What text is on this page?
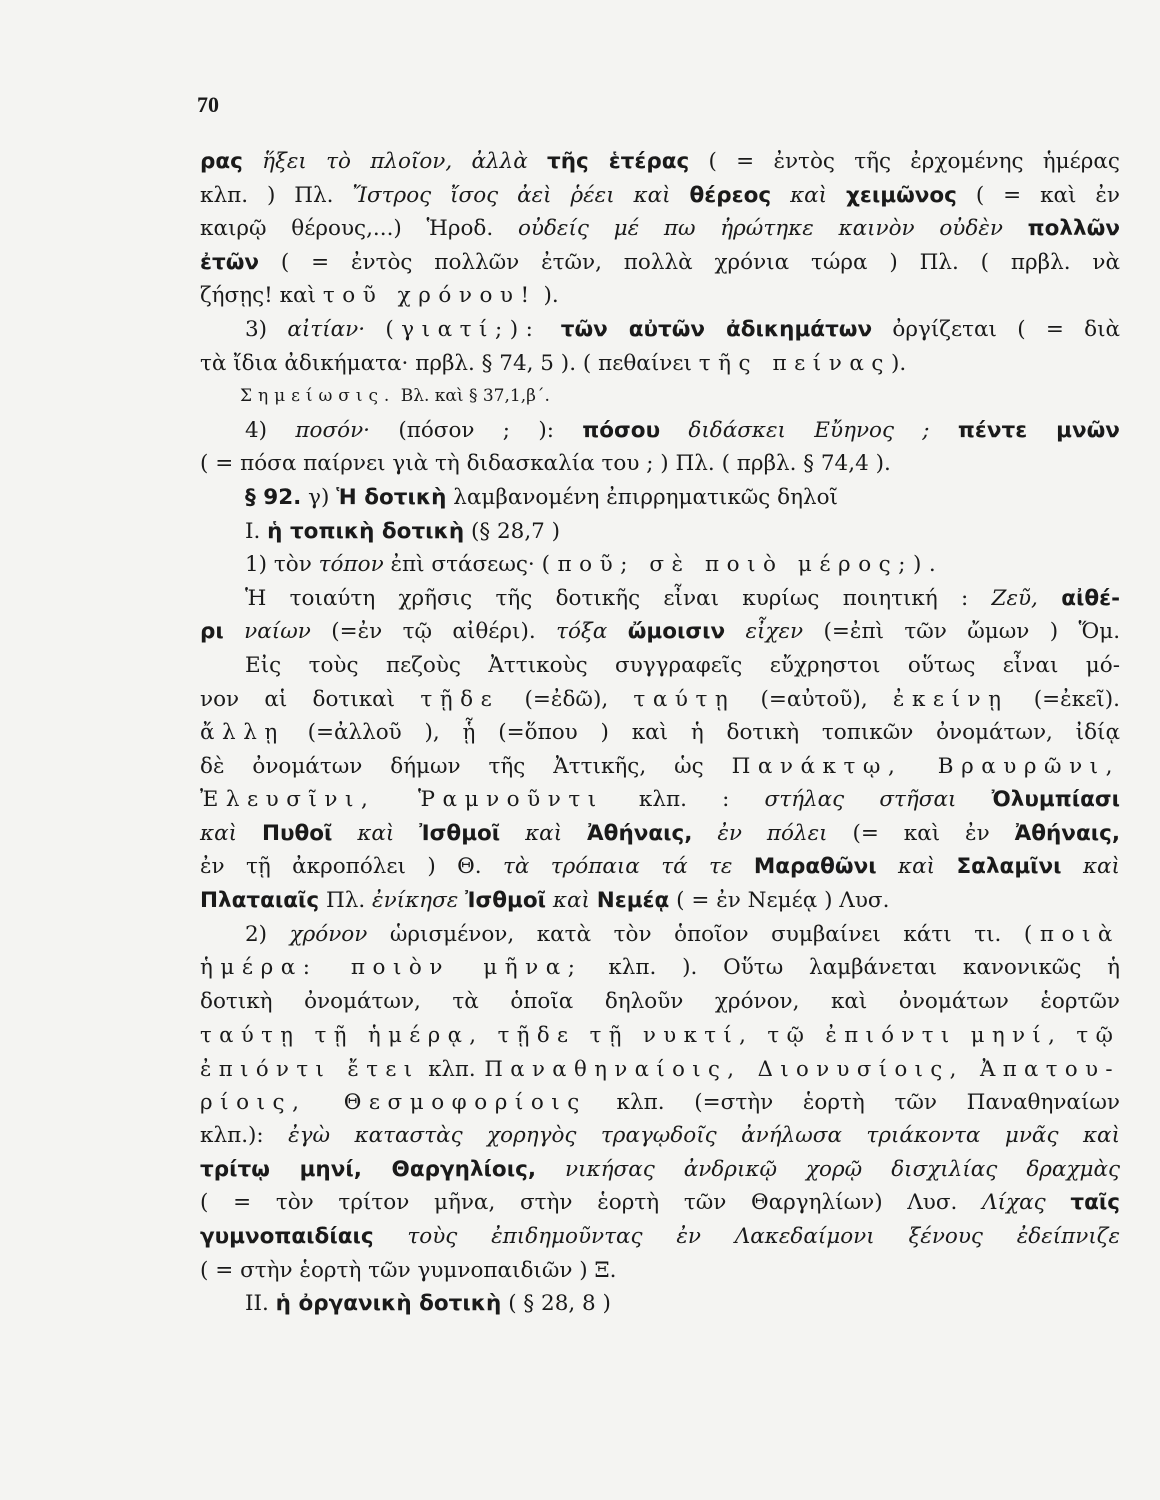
70
ρας ἥξει τὸ πλοῖον, ἀλλὰ τῆς ἑτέρας ( = ἐντὸς τῆς ἐρχομένης ἡμέρας
κλπ. ) Πλ. Ἴστρος ἴσος ἀεὶ ῥέει καὶ θέρεος καὶ χειμῶνος ( = καὶ ἐν
καιρῷ θέρους,...) Ἡροδ. οὐδείς μέ πω ἠρώτηκε καινὸν οὐδὲν πολλῶν
ἐτῶν ( = ἐντὸς πολλῶν ἐτῶν, πολλὰ χρόνια τώρα ) Πλ. ( πρβλ. νὰ
ζήσῃς! καὶ τοῦ χρόνου! ).
3) αἰτίαν· (γιατί;): τῶν αὐτῶν ἀδικημάτων ὀργίζεται ( = διὰ
τὰ ἴδια ἀδικήματα· πρβλ. § 74, 5 ). ( πεθαίνει τῆς πείνας).
Σημείωσις. Βλ. καὶ § 37,1,β΄.
4) ποσόν· (πόσον ; ): πόσου διδάσκει Εὔηνος ; πέντε μνῶν
( = πόσα παίρνει γιὰ τὴ διδασκαλία του ; ) Πλ. ( πρβλ. § 74,4 ).
§ 92. γ) Ἡ δοτικὴ λαμβανομένη ἐπιρρηματικῶς δηλοῖ
Ι. ἡ τοπικὴ δοτικὴ (§ 28,7 )
1) τὸν τόπον ἐπὶ στάσεως· (ποῦ; σὲ ποιὸ μέρος;).
Ἡ τοιαύτη χρῆσις τῆς δοτικῆς εἶναι κυρίως ποιητική : Ζεῦ, αἰθέ-
ρι ναίων (=ἐν τῷ αἰθέρι). τόξα ὤμοισιν εἶχεν (=ἐπὶ τῶν ὤμων ) Ὅμ.
Εἰς τοὺς πεζοὺς Ἀττικοὺς συγγραφεῖς εὔχρηστοι οὕτως εἶναι μό-
νον αἱ δοτικαὶ τῇδε (=ἐδῶ), ταύτῃ (=αὐτοῦ), ἐκείνῃ (=ἐκεῖ).
ἄλλῃ (=ἀλλοῦ ), ᾗ (=ὅπου ) καὶ ἡ δοτικὴ τοπικῶν ὀνομάτων, ἰδίᾳ
δὲ ὀνομάτων δήμων τῆς Ἀττικῆς, ὡς Πανάκτῳ, Βραυρῶνι,
Ἐλευσῖνι, Ῥαμνοῦντι κλπ. : στήλας στῆσαι Ὀλυμπίασι
καὶ Πυθοῖ καὶ Ἰσθμοῖ καὶ Ἀθήναις, ἐν πόλει (= καὶ ἐν Ἀθήναις,
ἐν τῇ ἀκροπόλει ) Θ. τὰ τρόπαια τά τε Μαραθῶνι καὶ Σαλαμῖνι καὶ
Πλαταιαῖς Πλ. ἐνίκησε Ἰσθμοῖ καὶ Νεμέᾳ ( = ἐν Νεμέᾳ ) Λυσ.
2) χρόνον ὡρισμένον, κατὰ τὸν ὁποῖον συμβαίνει κάτι τι. (ποιὰ
ἡμέρα: ποιὸν μῆνα; κλπ. ). Οὕτω λαμβάνεται κανονικῶς ἡ
δοτικὴ ὀνομάτων, τὰ ὁποῖα δηλοῦν χρόνον, καὶ ὀνομάτων ἑορτῶν
ταύτῃ τῇ ἡμέρᾳ, τῇδε τῇ νυκτί, τῷ ἐπιόντι μηνί, τῷ
ἐπιόντι ἔτει κλπ. Παναθηναίοις, Διονυσίοις, Ἀπατου-
ρίοις, Θεσμοφορίοις κλπ. (=στὴν ἑορτὴ τῶν Παναθηναίων
κλπ.): ἐγὼ καταστὰς χορηγὸς τραγῳδοῖς ἀνήλωσα τριάκοντα μνᾶς καὶ
τρίτῳ μηνί, Θαργηλίοις, νικήσας ἀνδρικῷ χορῷ δισχιλίας δραχμὰς
( = τὸν τρίτον μῆνα, στὴν ἑορτὴ τῶν Θαργηλίων) Λυσ. Λίχας ταῖς
γυμνοπαιδίαις τοὺς ἐπιδημοῦντας ἐν Λακεδαίμονι ξένους ἐδείπνιζε
( = στὴν ἑορτὴ τῶν γυμνοπαιδιῶν ) Ξ.
ΙΙ. ἡ ὀργανικὴ δοτικὴ ( § 28, 8 )
